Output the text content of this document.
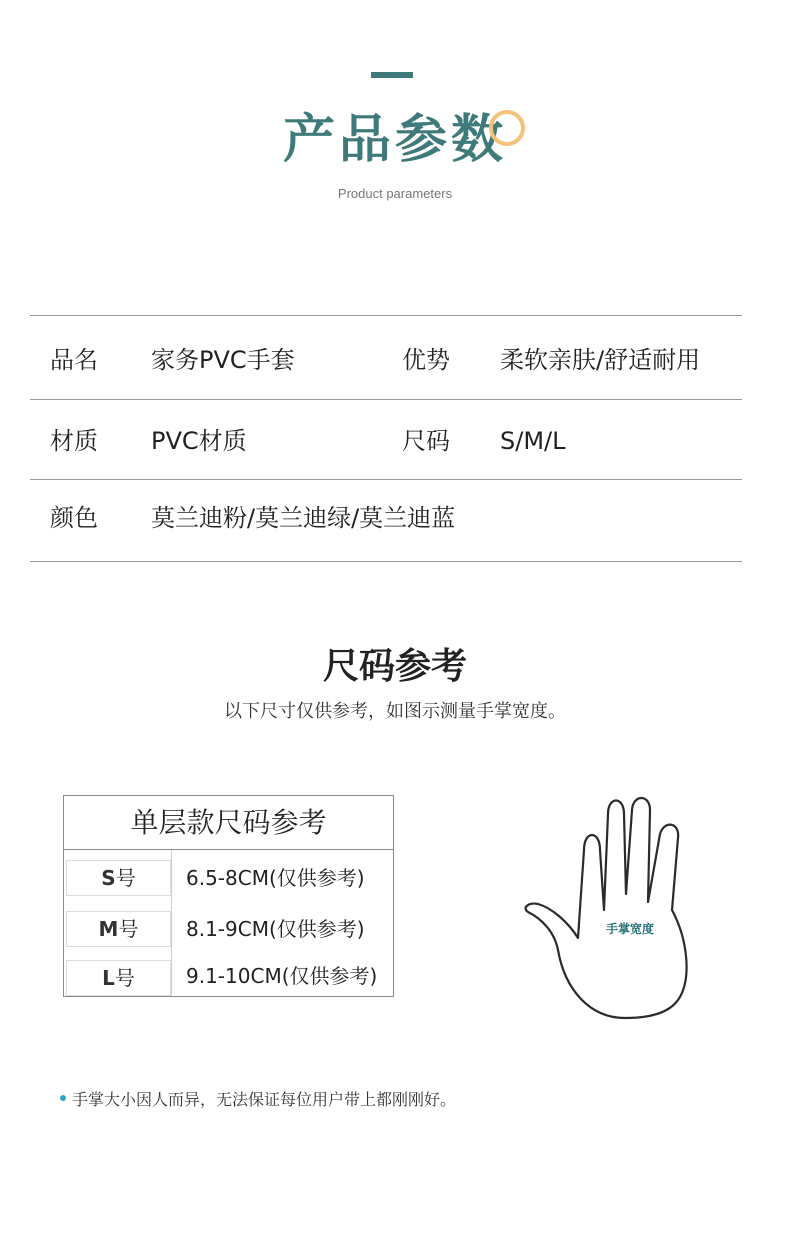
产品参数
Product parameters
品名 家务PVC手套	优势 柔软亲肤/舒适耐用
材质 PVC材质	尺码 S/M/L
颜色 莫兰迪粉/莫兰迪绿/莫兰迪蓝
尺码参考
以下尺寸仅供参考，如图示测量手掌宽度。
单层款尺码参考
S号	6.5-8CM(仅供参考)
M号	8.1-9CM(仅供参考)
L号	9.1-10CM(仅供参考)
手掌宽度
手掌大小因人而异，无法保证每位用户带上都刚刚好。
